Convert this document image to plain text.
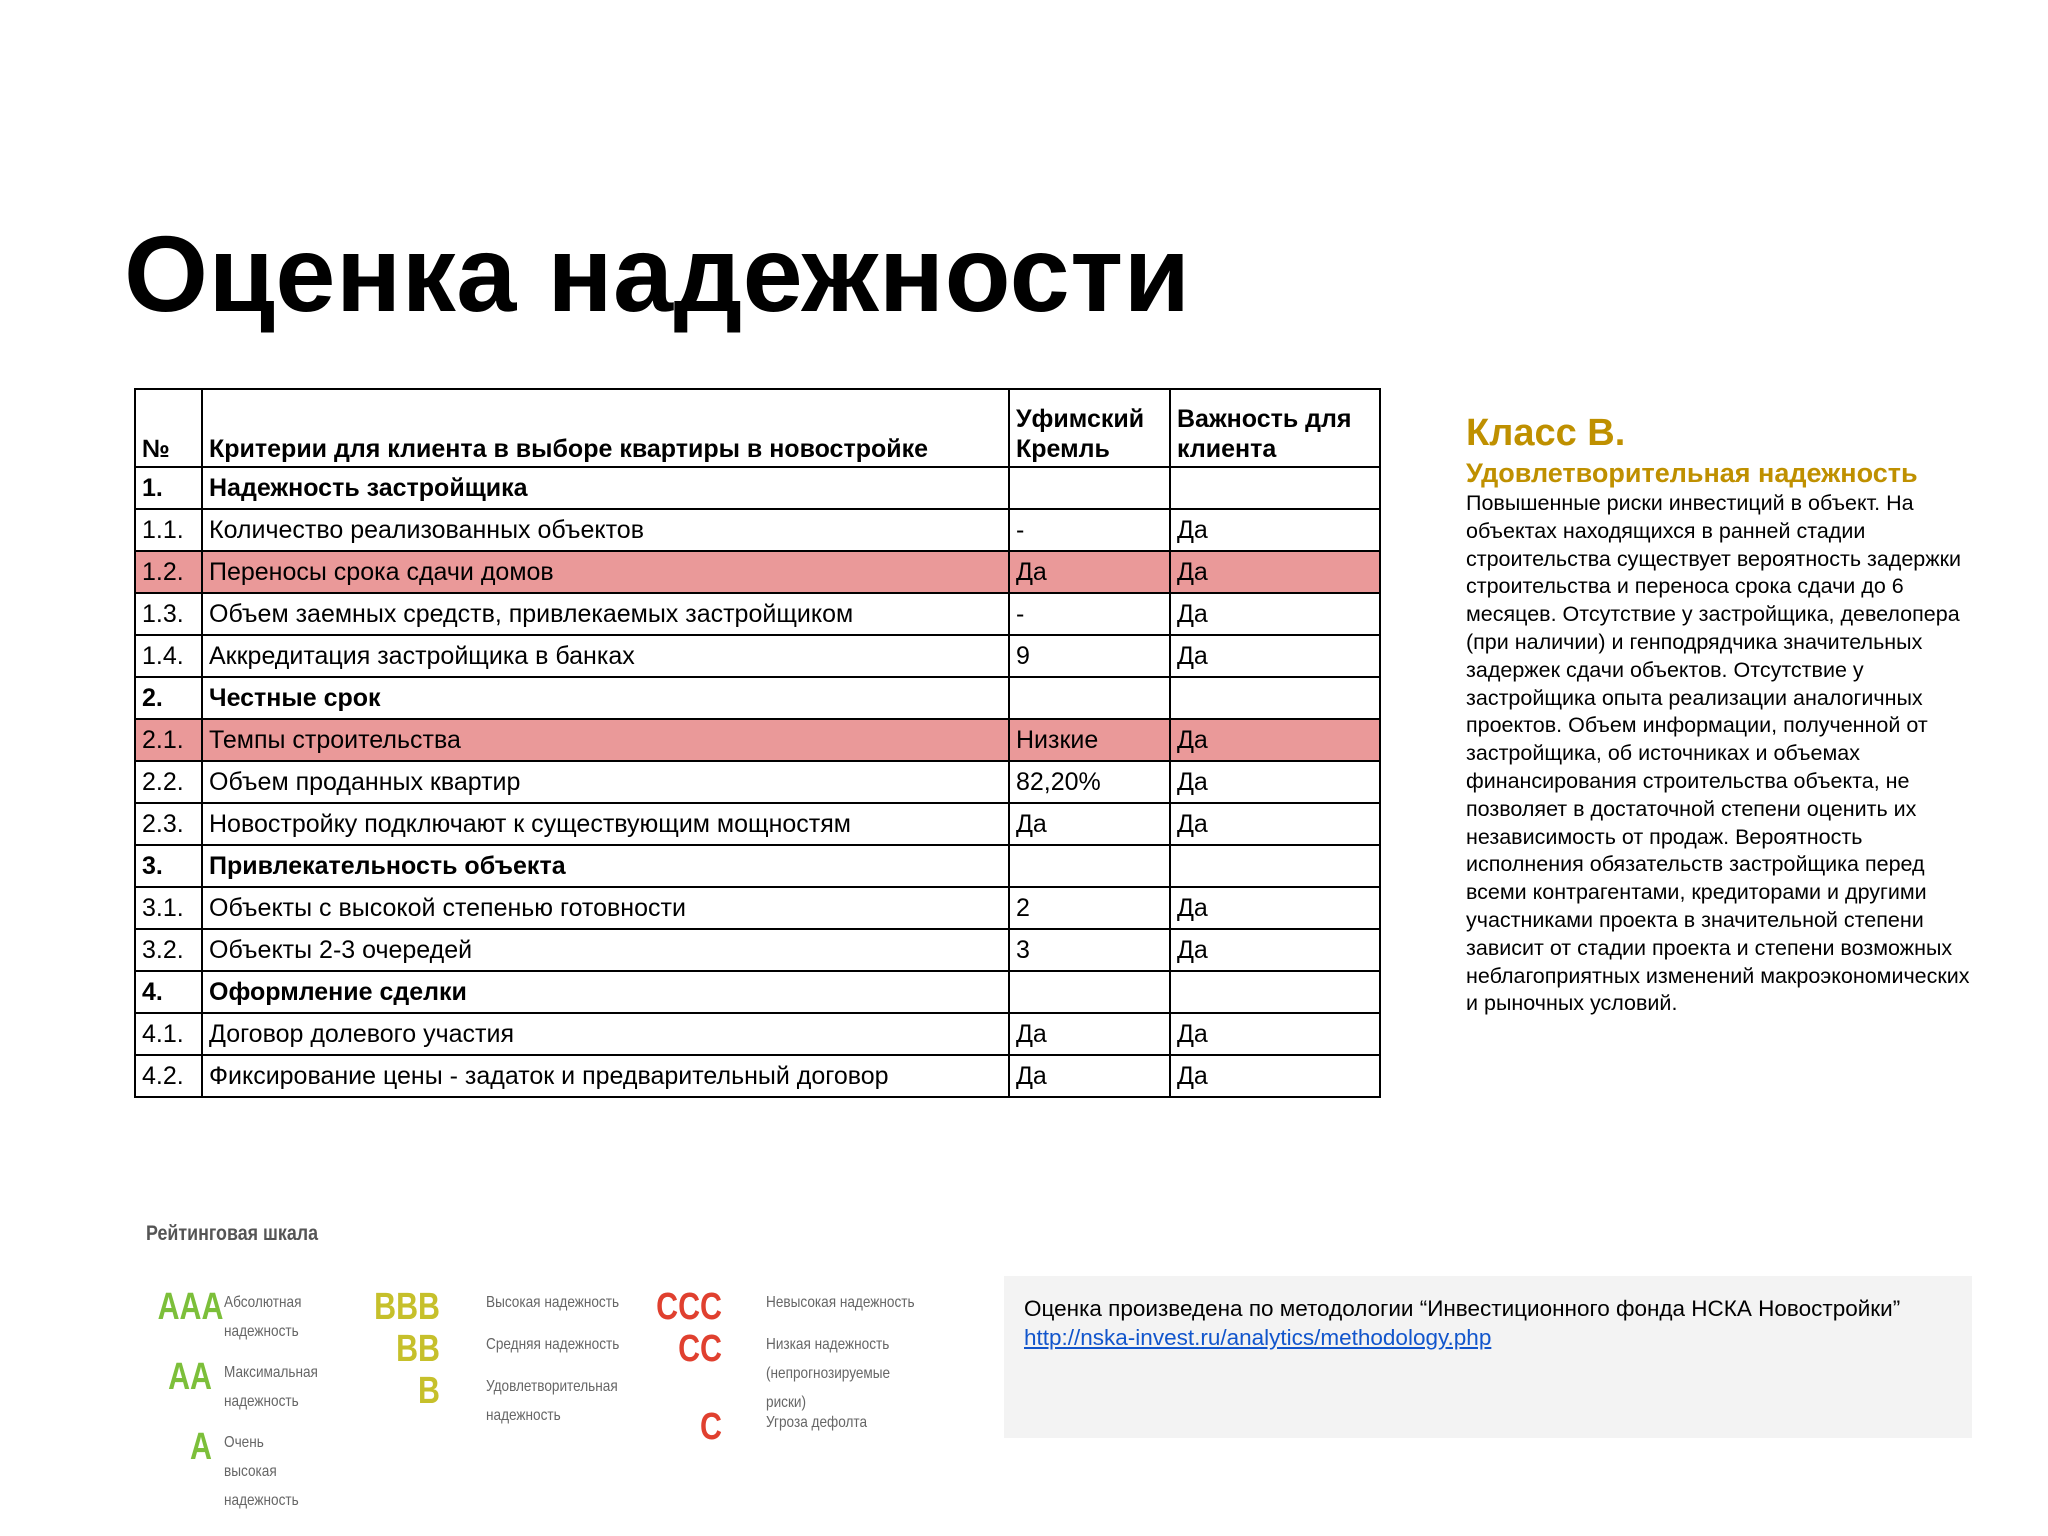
Оценка надежности
№	Критерии для клиента в выборе квартиры в новостройке	Уфимский Кремль	Важность для клиента
1.	Надежность застройщика		
1.1.	Количество реализованных объектов	-	Да
1.2.	Переносы срока сдачи домов	Да	Да
1.3.	Объем заемных средств, привлекаемых застройщиком	-	Да
1.4.	Аккредитация застройщика в банках	9	Да
2.	Честные срок		
2.1.	Темпы строительства	Низкие	Да
2.2.	Объем проданных квартир	82,20%	Да
2.3.	Новостройку подключают к существующим мощностям	Да	Да
3.	Привлекательность объекта		
3.1.	Объекты с высокой степенью готовности	2	Да
3.2.	Объекты 2-3 очередей	3	Да
4.	Оформление сделки		
4.1.	Договор долевого участия	Да	Да
4.2.	Фиксирование цены - задаток и предварительный договор	Да	Да

Класс B.

Удовлетворительная надежность

Повышенные риски инвестиций в объект. На объектах находящихся в ранней стадии строительства существует вероятность задержки строительства и переноса срока сдачи до 6 месяцев. Отсутствие у застройщика, девелопера (при наличии) и генподрядчика значительных задержек сдачи объектов. Отсутствие у застройщика опыта реализации аналогичных проектов. Объем информации, полученной от застройщика, об источниках и объемах финансирования строительства объекта, не позволяет в достаточной степени оценить их независимость от продаж. Вероятность исполнения обязательств застройщика перед всеми контрагентами, кредиторами и другими участниками проекта в значительной степени зависит от стадии проекта и степени возможных неблагоприятных изменений макроэкономических и рыночных условий.

Рейтинговая шкала
AAA Абсолютная надежность
AA Максимальная надежность
A Очень высокая надежность
BBB	Высокая надежность
BB	Средняя надежность
B	Удовлетворительная надежность
CCC	Невысокая надежность
CC	Низкая надежность (непрогнозируемые риски)
C	Угроза дефолта
Оценка произведена по методологии “Инвестиционного фонда НСКА Новостройки”
http://nska-invest.ru/analytics/methodology.php
